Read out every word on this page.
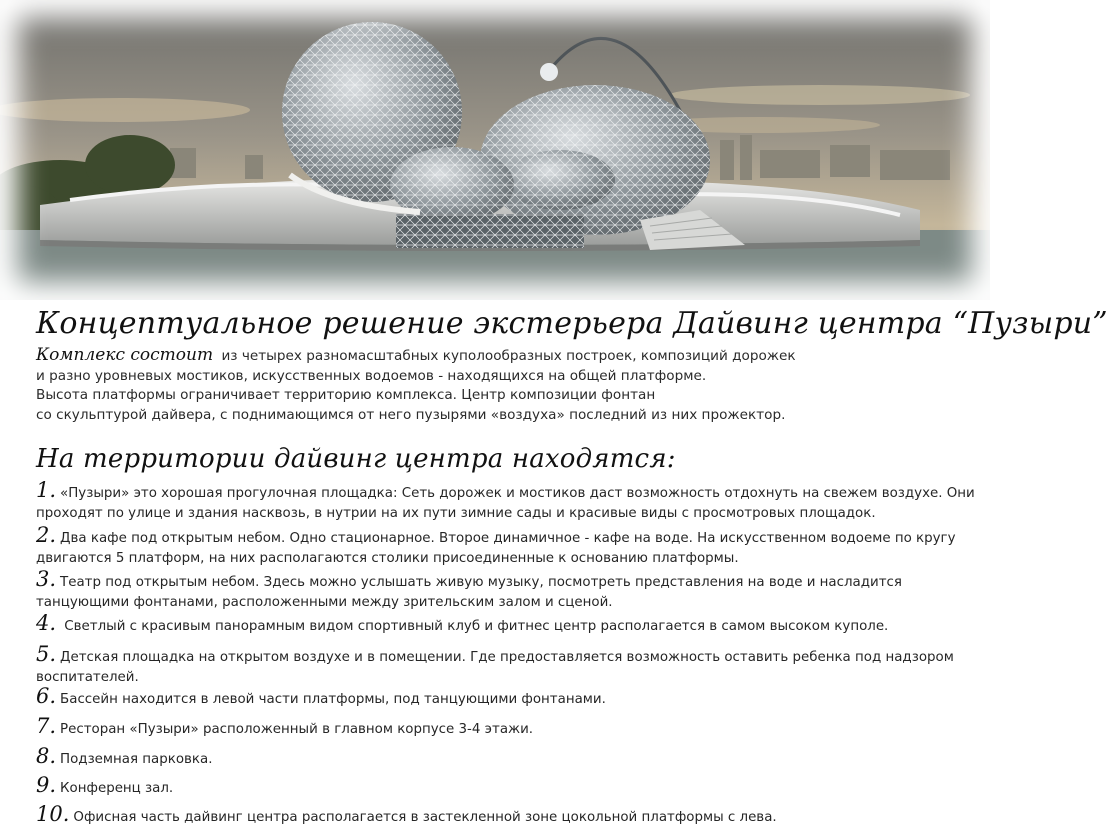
Концептуальное решение экстерьера Дайвинг центра “Пузыри”
Комплекс состоит из четырех разномасштабных куполообразных построек, композиций дорожек
и разно уровневых мостиков, искусственных водоемов - находящихся на общей платформе.
Высота платформы ограничивает территорию комплекса. Центр композиции фонтан
со скульптурой дайвера, с поднимающимся от него пузырями «воздуха» последний из них прожектор.
На территории дайвинг центра находятся:
1. «Пузыри» это хорошая прогулочная площадка: Сеть дорожек и мостиков даст возможность отдохнуть на свежем воздухе. Они проходят по улице и здания насквозь, в нутрии на их пути зимние сады и красивые виды с просмотровых площадок.
2. Два кафе под открытым небом. Одно стационарное. Второе динамичное - кафе на воде. На искусственном водоеме по кругу двигаются 5 платформ, на них располагаются столики присоединенные к основанию платформы.
3. Театр под открытым небом. Здесь можно услышать живую музыку, посмотреть представления на воде и насладится танцующими фонтанами, расположенными между зрительским залом и сценой.
4. Светлый с красивым панорамным видом спортивный клуб и фитнес центр располагается в самом высоком куполе.
5. Детская площадка на открытом воздухе и в помещении. Где предоставляется возможность оставить ребенка под надзором воспитателей.
6. Бассейн находится в левой части платформы, под танцующими фонтанами.
7. Ресторан «Пузыри» расположенный в главном корпусе 3-4 этажи.
8. Подземная парковка.
9. Конференц зал.
10. Офисная часть дайвинг центра располагается в застекленной зоне цокольной платформы с лева.
